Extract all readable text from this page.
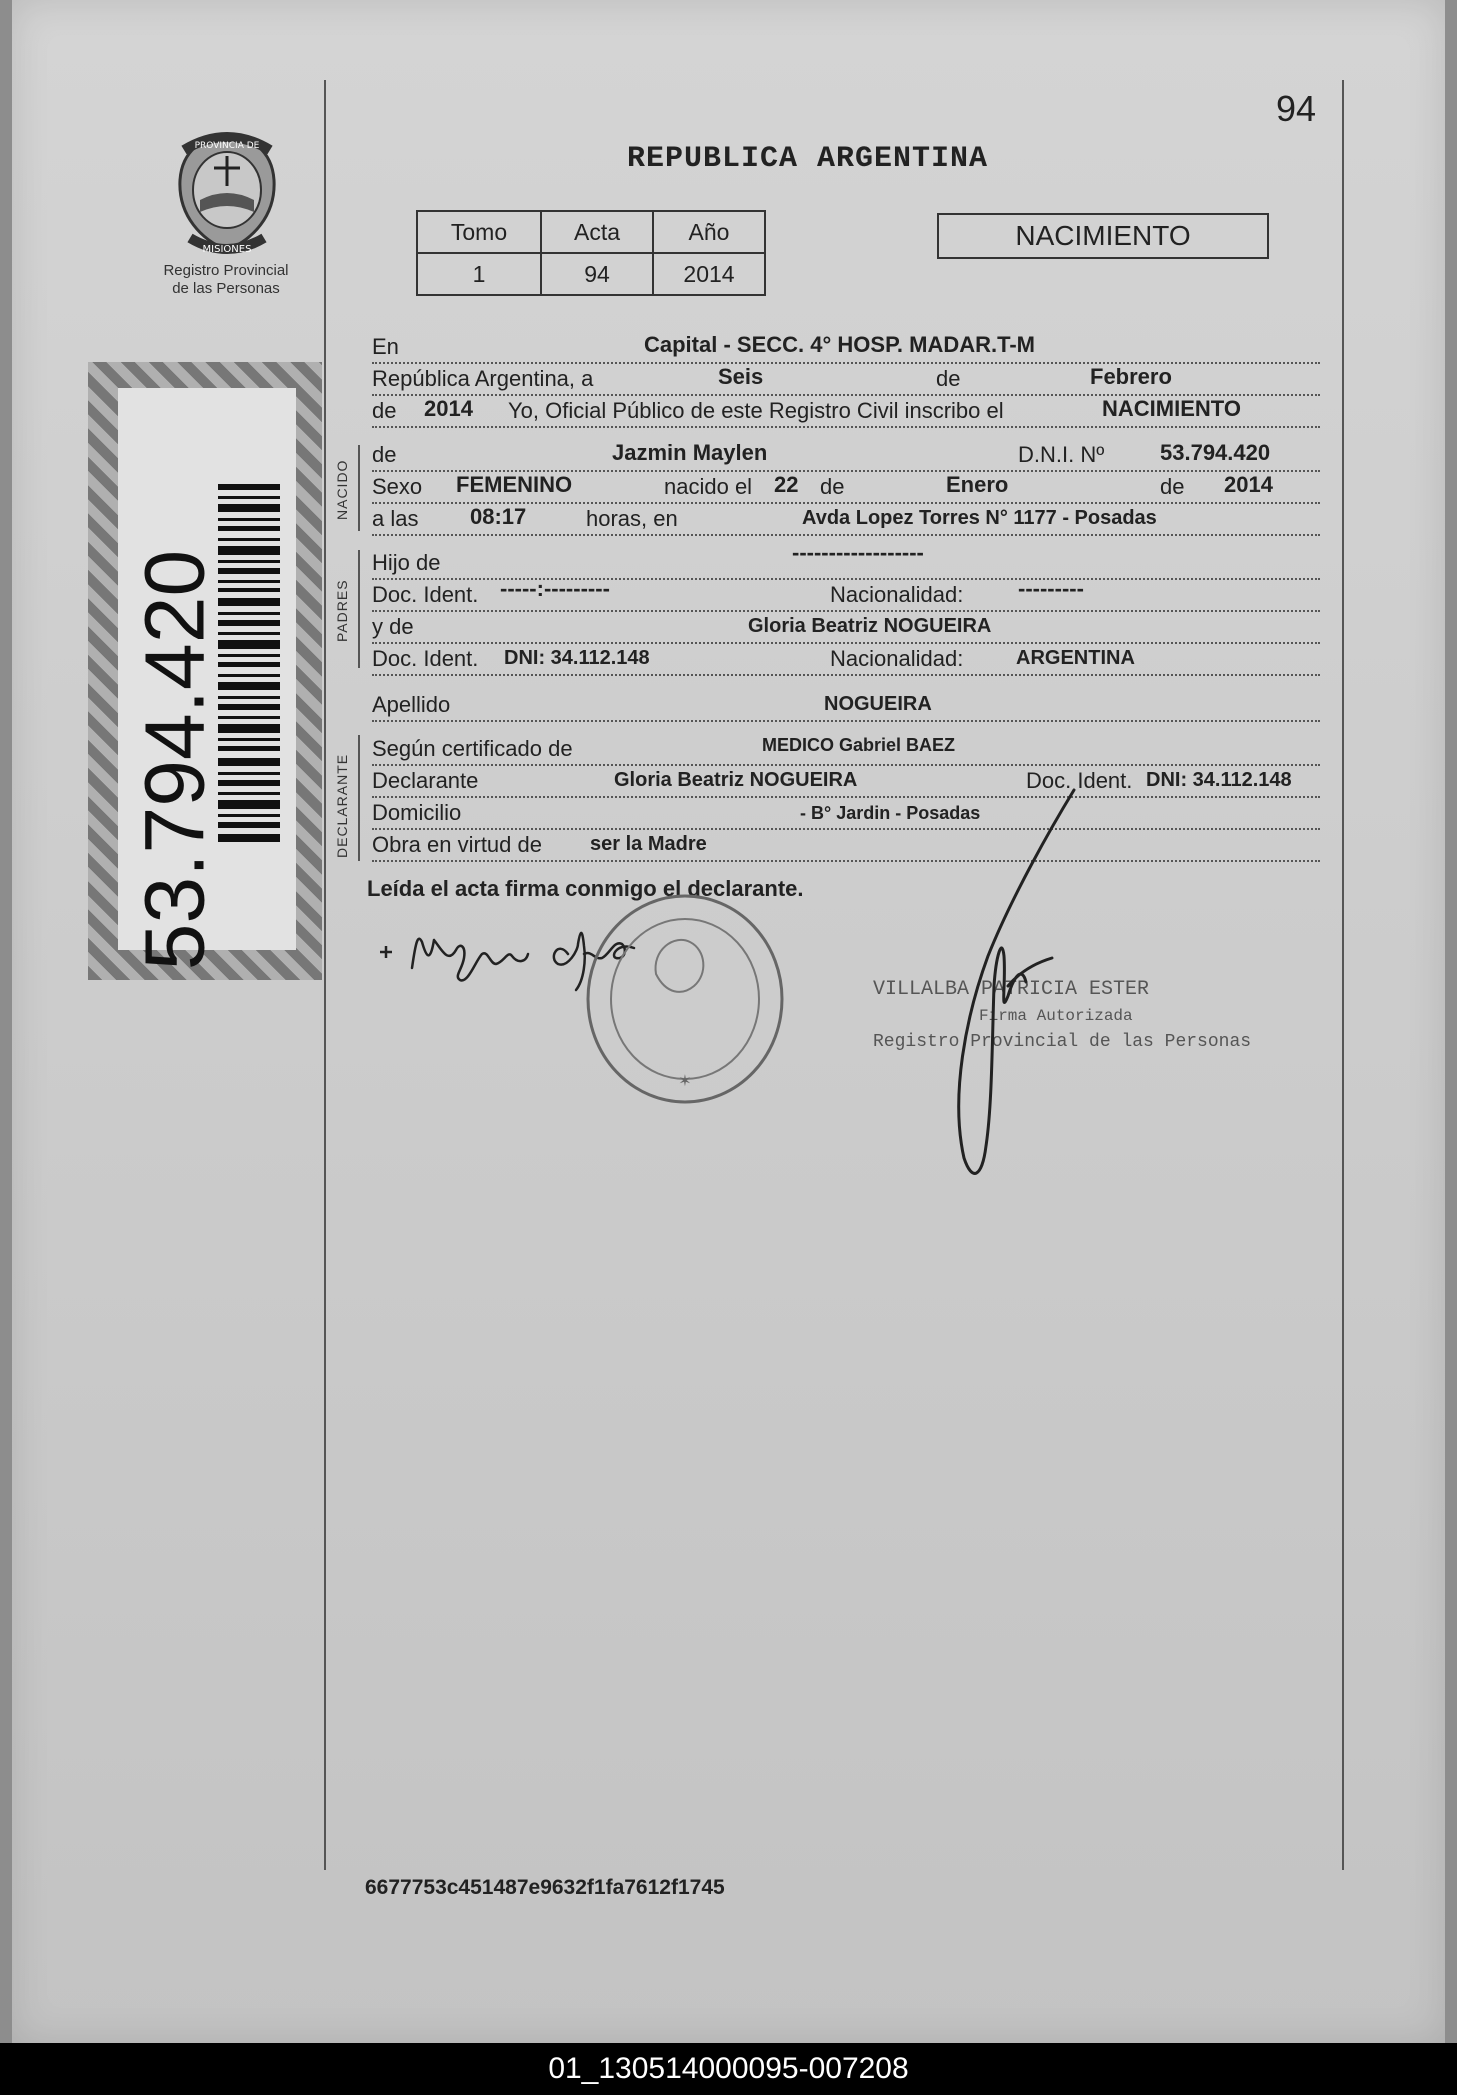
94
PROVINCIA DE
MISIONES
Registro Provincial
de las Personas
53.794.420
REPUBLICA ARGENTINA
Tomo	Acta	Año
1	94	2014
NACIMIENTO
NACIDO
PADRES
DECLARANTE
En	Capital - SECC. 4° HOSP. MADAR.T-M
República Argentina, a	Seis	de	Febrero
de 2014 Yo, Oficial Público de este Registro Civil inscribo el	NACIMIENTO
de	Jazmin Maylen	D.N.I. Nº	53.794.420
Sexo FEMENINO	nacido el 22 de	Enero	de 2014
a las 08:17	horas, en	Avda Lopez Torres N° 1177 - Posadas
Hijo de	------------------
Doc. Ident. -----:---------	Nacionalidad: ---------
y de	Gloria Beatriz NOGUEIRA
Doc. Ident. DNI: 34.112.148	Nacionalidad:	ARGENTINA
Apellido	NOGUEIRA
Según certificado de	MEDICO Gabriel BAEZ
Declarante	Gloria Beatriz NOGUEIRA	Doc. Ident. DNI: 34.112.148
Domicilio	- B° Jardin - Posadas
Obra en virtud de ser la Madre
Leída el acta firma conmigo el declarante.
✶
VILLALBA PATRICIA ESTER
Firma Autorizada
Registro Provincial de las Personas
6677753c451487e9632f1fa7612f1745
01_130514000095-007208
